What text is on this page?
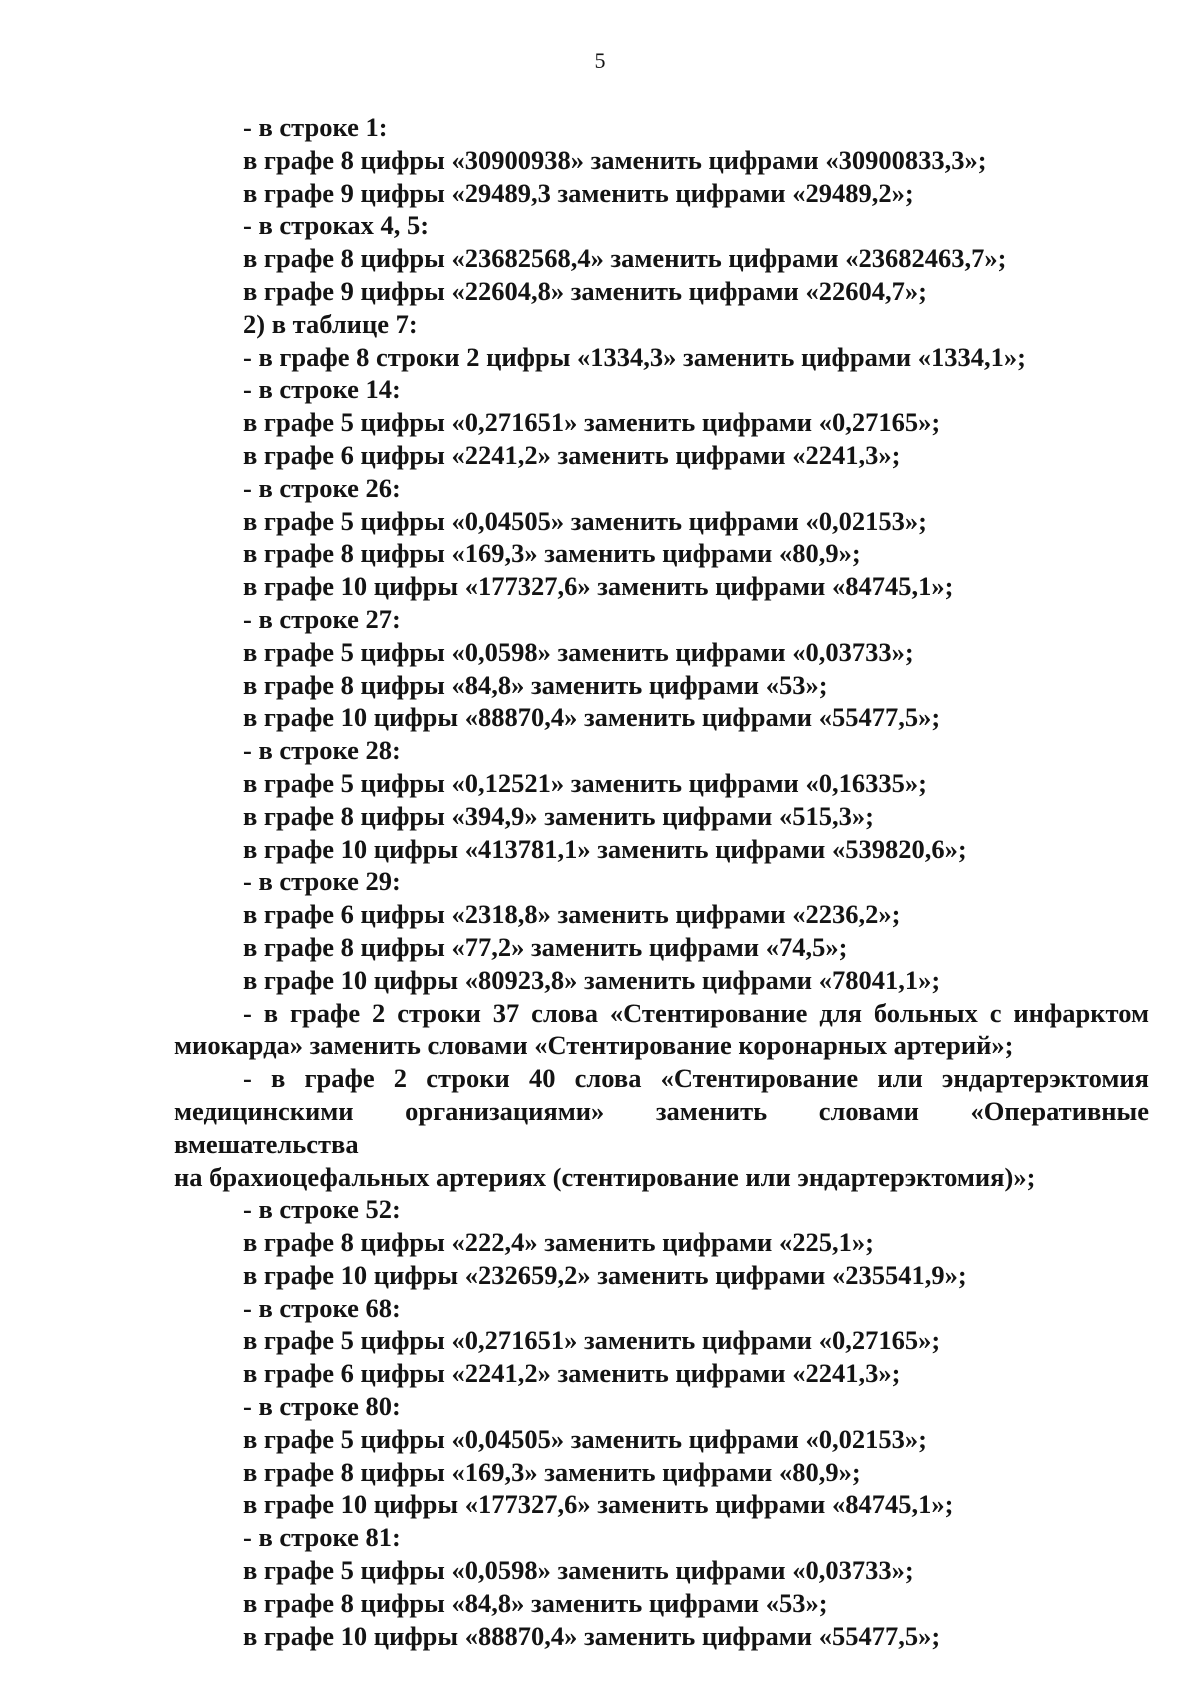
5
- в строке 1:
в графе 8 цифры «30900938» заменить цифрами «30900833,3»;
в графе 9 цифры «29489,3 заменить цифрами «29489,2»;
- в строках 4, 5:
в графе 8 цифры «23682568,4» заменить цифрами «23682463,7»;
в графе 9 цифры «22604,8» заменить цифрами «22604,7»;
2) в таблице 7:
- в графе 8 строки 2 цифры «1334,3» заменить цифрами «1334,1»;
- в строке 14:
в графе 5 цифры «0,271651» заменить цифрами «0,27165»;
в графе 6 цифры «2241,2» заменить цифрами «2241,3»;
- в строке 26:
в графе 5 цифры «0,04505» заменить цифрами «0,02153»;
в графе 8 цифры «169,3» заменить цифрами «80,9»;
в графе 10 цифры «177327,6» заменить цифрами «84745,1»;
- в строке 27:
в графе 5 цифры «0,0598» заменить цифрами «0,03733»;
в графе 8 цифры «84,8» заменить цифрами «53»;
в графе 10 цифры «88870,4» заменить цифрами «55477,5»;
- в строке 28:
в графе 5 цифры «0,12521» заменить цифрами «0,16335»;
в графе 8 цифры «394,9» заменить цифрами «515,3»;
в графе 10 цифры «413781,1» заменить цифрами «539820,6»;
- в строке 29:
в графе 6 цифры «2318,8» заменить цифрами «2236,2»;
в графе 8 цифры «77,2» заменить цифрами «74,5»;
в графе 10 цифры «80923,8» заменить цифрами «78041,1»;
- в графе 2 строки 37 слова «Стентирование для больных с инфарктом
миокарда» заменить словами «Стентирование коронарных артерий»;
- в графе 2 строки 40 слова «Стентирование или эндартерэктомия
медицинскими организациями» заменить словами «Оперативные вмешательства
на брахиоцефальных артериях (стентирование или эндартерэктомия)»;
- в строке 52:
в графе 8 цифры «222,4» заменить цифрами «225,1»;
в графе 10 цифры «232659,2» заменить цифрами «235541,9»;
- в строке 68:
в графе 5 цифры «0,271651» заменить цифрами «0,27165»;
в графе 6 цифры «2241,2» заменить цифрами «2241,3»;
- в строке 80:
в графе 5 цифры «0,04505» заменить цифрами «0,02153»;
в графе 8 цифры «169,3» заменить цифрами «80,9»;
в графе 10 цифры «177327,6» заменить цифрами «84745,1»;
- в строке 81:
в графе 5 цифры «0,0598» заменить цифрами «0,03733»;
в графе 8 цифры «84,8» заменить цифрами «53»;
в графе 10 цифры «88870,4» заменить цифрами «55477,5»;
